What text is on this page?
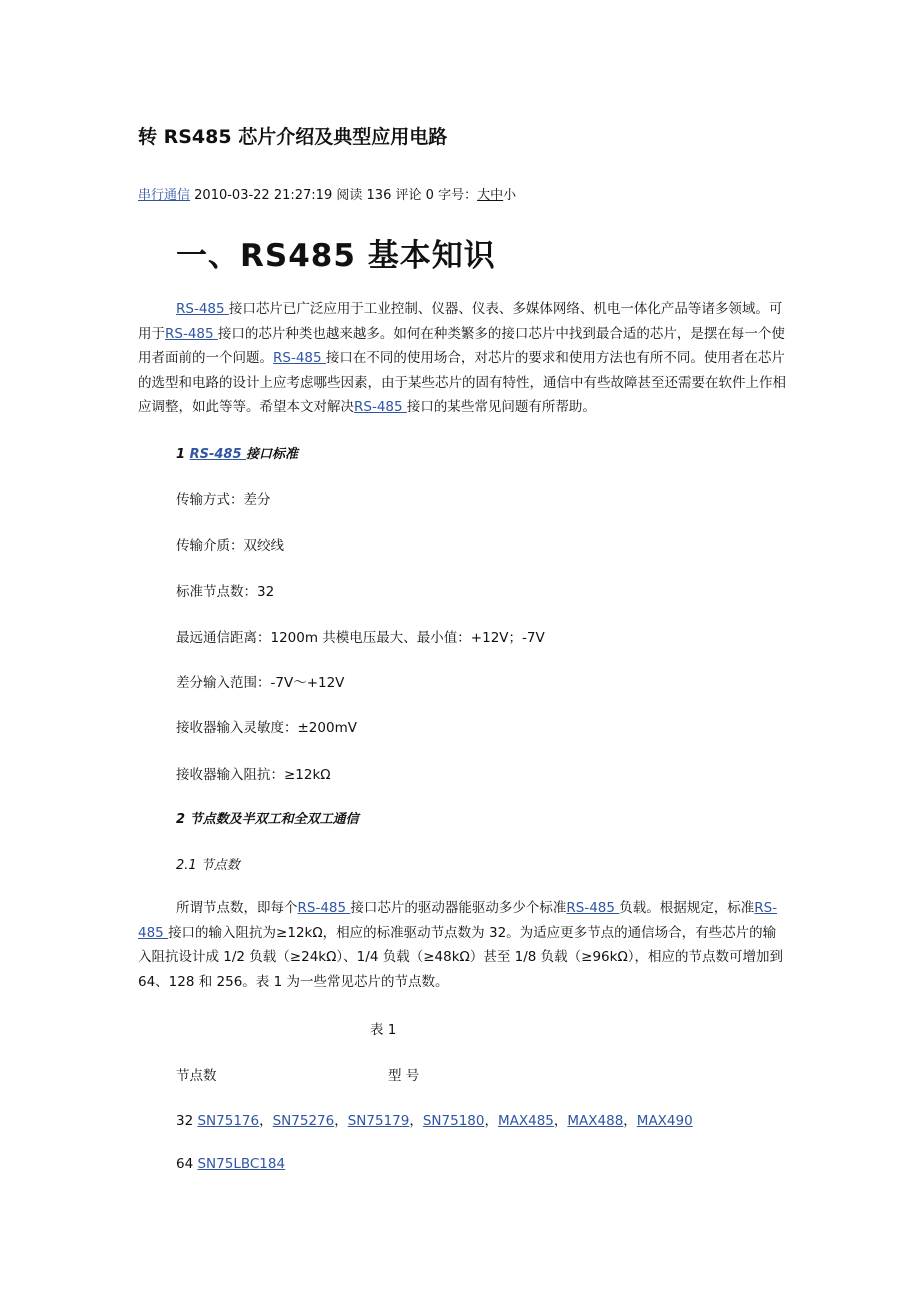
转 RS485 芯片介绍及典型应用电路
串行通信 2010-03-22 21:27:19 阅读 136 评论 0 字号：大中小
一、RS485 基本知识
RS-485 接口芯片已广泛应用于工业控制、仪器、仪表、多媒体网络、机电一体化产品等诸多领域。可用于RS-485 接口的芯片种类也越来越多。如何在种类繁多的接口芯片中找到最合适的芯片，是摆在每一个使用者面前的一个问题。RS-485 接口在不同的使用场合，对芯片的要求和使用方法也有所不同。使用者在芯片的选型和电路的设计上应考虑哪些因素，由于某些芯片的固有特性，通信中有些故障甚至还需要在软件上作相应调整，如此等等。希望本文对解决RS-485 接口的某些常见问题有所帮助。
1 RS-485 接口标准
传输方式：差分
传输介质：双绞线
标准节点数：32
最远通信距离：1200m 共模电压最大、最小值：+12V；-7V
差分输入范围：-7V～+12V
接收器输入灵敏度：±200mV
接收器输入阻抗：≥12kΩ
2 节点数及半双工和全双工通信
2.1 节点数
所谓节点数，即每个RS-485 接口芯片的驱动器能驱动多少个标准RS-485 负载。根据规定，标准RS-485 接口的输入阻抗为≥12kΩ，相应的标准驱动节点数为 32。为适应更多节点的通信场合，有些芯片的输入阻抗设计成 1/2 负载（≥24kΩ）、1/4 负载（≥48kΩ）甚至 1/8 负载（≥96kΩ），相应的节点数可增加到 64、128 和 256。表 1 为一些常见芯片的节点数。
表 1
节点数	型 号
32 SN75176，SN75276，SN75179，SN75180，MAX485，MAX488，MAX490
64 SN75LBC184
